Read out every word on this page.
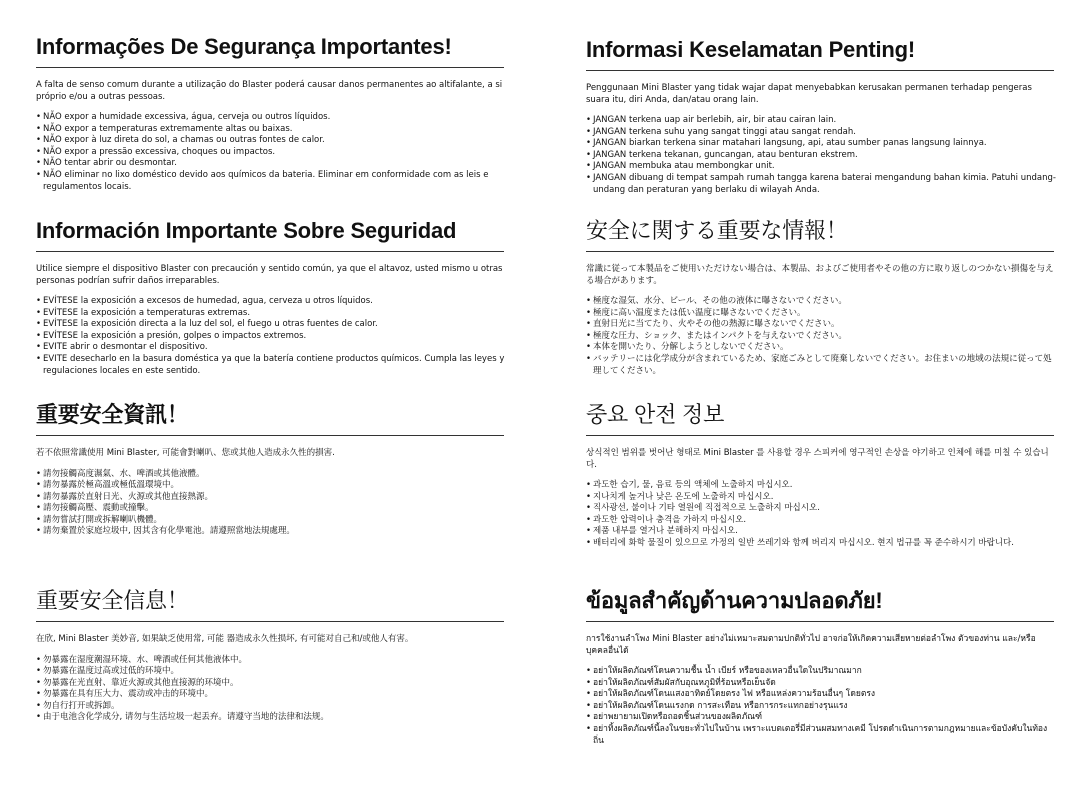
Informações De Segurança Importantes!

A falta de senso comum durante a utilização do Blaster poderá causar danos permanentes ao altifalante, a si próprio e/ou a outras pessoas.

• NÃO expor a humidade excessiva, água, cerveja ou outros líquidos.
• NÃO expor a temperaturas extremamente altas ou baixas.
• NÃO expor à luz direta do sol, a chamas ou outras fontes de calor.
• NÃO expor a pressão excessiva, choques ou impactos.
• NÃO tentar abrir ou desmontar.
• NÃO eliminar no lixo doméstico devido aos químicos da bateria. Eliminar em conformidade com as leis e regulamentos locais.
Información Importante Sobre Seguridad

Utilice siempre el dispositivo Blaster con precaución y sentido común, ya que el altavoz, usted mismo u otras personas podrían sufrir daños irreparables.

• EVÍTESE la exposición a excesos de humedad, agua, cerveza u otros líquidos.
• EVÍTESE la exposición a temperaturas extremas.
• EVÍTESE la exposición directa a la luz del sol, el fuego u otras fuentes de calor.
• EVÍTESE la exposición a presión, golpes o impactos extremos.
• EVITE abrir o desmontar el dispositivo.
• EVITE desecharlo en la basura doméstica ya que la batería contiene productos químicos. Cumpla las leyes y regulaciones locales en este sentido.
重要安全資訊！

若不依照常識使用 Mini Blaster, 可能會對喇叭、您或其他人造成永久性的損害.

• 請勿接觸高度濕氣、水、啤酒或其他液體。
• 請勿暴露於極高溫或極低溫環境中。
• 請勿暴露於直射日光、火源或其他直接熱源。
• 請勿接觸高壓、震動或撞擊。
• 請勿嘗試打開或拆解喇叭機體。
• 請勿棄置於家庭垃圾中, 因其含有化學電池。請遵照當地法規處理。
重要安全信息！

在欣, Mini Blaster 美妙音, 如果缺乏使用常, 可能 器造成永久性损坏, 有可能对自己和/或他人有害。

• 勿暴露在湿度潮湿环境、水、啤酒或任何其他液体中。
• 勿暴露在温度过高或过低的环境中。
• 勿暴露在光直射、靠近火源或其他直接源的环境中。
• 勿暴露在具有压大力、震动或冲击的环境中。
• 勿自行打开或拆卸。
• 由于电池含化学成分, 请勿与生活垃圾一起丢弃。请遵守当地的法律和法规。
Informasi Keselamatan Penting!

Penggunaan Mini Blaster yang tidak wajar dapat menyebabkan kerusakan permanen terhadap pengeras suara itu, diri Anda, dan/atau orang lain.

• JANGAN terkena uap air berlebih, air, bir atau cairan lain.
• JANGAN terkena suhu yang sangat tinggi atau sangat rendah.
• JANGAN biarkan terkena sinar matahari langsung, api, atau sumber panas langsung lainnya.
• JANGAN terkena tekanan, guncangan, atau benturan ekstrem.
• JANGAN membuka atau membongkar unit.
• JANGAN dibuang di tempat sampah rumah tangga karena baterai mengandung bahan kimia. Patuhi undang-undang dan peraturan yang berlaku di wilayah Anda.
安全に関する重要な情報！

常識に従って本製品をご使用いただけない場合は、本製品、およびご使用者やその他の方に取り返しのつかない損傷を与える場合があります。

• 極度な湿気、水分、ビール、その他の液体に曝さないでください。
• 極度に高い温度または低い温度に曝さないでください。
• 直射日光に当てたり、火やその他の熱源に曝さないでください。
• 極度な圧力、ショック、またはインパクトを与えないでください。
• 本体を開いたり、分解しようとしないでください。
• バッテリーには化学成分が含まれているため、家庭ごみとして廃棄しないでください。お住まいの地域の法規に従って処理してください。
중요 안전 정보

상식적인 범위를 벗어난 형태로 Mini Blaster 를 사용할 경우 스피커에 영구적인 손상을 야기하고 인체에 해를 미칠 수 있습니다.

• 과도한 습기, 물, 음료 등의 액체에 노출하지 마십시오.
• 지나치게 높거나 낮은 온도에 노출하지 마십시오.
• 직사광선, 불이나 기타 열원에 직접적으로 노출하지 마십시오.
• 과도한 압력이나 충격을 가하지 마십시오.
• 제품 내부를 열거나 분해하지 마십시오.
• 배터리에 화학 물질이 있으므로 가정의 일반 쓰레기와 함께 버리지 마십시오. 현지 법규를 꼭 준수하시기 바랍니다.
ข้อมูลสำคัญด้านความปลอดภัย!

การใช้งานลำโพง Mini Blaster อย่างไม่เหมาะสมตามปกติทั่วไป อาจก่อให้เกิดความเสียหายต่อลำโพง ตัวของท่าน และ/หรือบุคคลอื่นได้

• อย่าให้ผลิตภัณฑ์โดนความชื้น น้ำ เบียร์ หรือของเหลวอื่นใดในปริมาณมาก
• อย่าให้ผลิตภัณฑ์สัมผัสกับอุณหภูมิที่ร้อนหรือเย็นจัด
• อย่าให้ผลิตภัณฑ์โดนแสงอาทิตย์โดยตรง ไฟ หรือแหล่งความร้อนอื่นๆ โดยตรง
• อย่าให้ผลิตภัณฑ์โดนแรงกด การสะเทือน หรือการกระแทกอย่างรุนแรง
• อย่าพยายามเปิดหรือถอดชิ้นส่วนของผลิตภัณฑ์
• อย่าทิ้งผลิตภัณฑ์นี้ลงในขยะทั่วไปในบ้าน เพราะแบตเตอรี่มีส่วนผสมทางเคมี โปรดดำเนินการตามกฎหมายและข้อบังคับในท้องถิ่น
